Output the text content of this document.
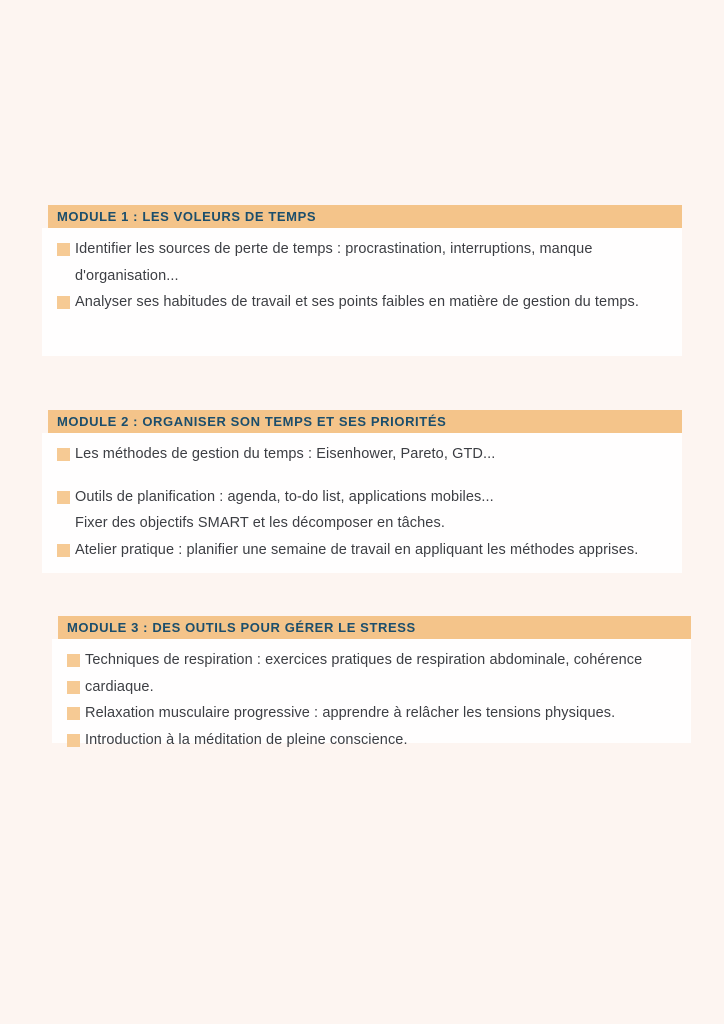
MODULE 1 : LES VOLEURS DE TEMPS
Identifier les sources de perte de temps : procrastination, interruptions, manque d'organisation...
Analyser ses habitudes de travail et ses points faibles en matière de gestion du temps.
MODULE 2 : ORGANISER SON TEMPS ET SES PRIORITÉS
Les méthodes de gestion du temps : Eisenhower, Pareto, GTD...
Outils de planification : agenda, to-do list, applications mobiles...
Fixer des objectifs SMART et les décomposer en tâches.
Atelier pratique : planifier une semaine de travail en appliquant les méthodes apprises.
MODULE 3 : DES OUTILS POUR GÉRER LE STRESS
Techniques de respiration : exercices pratiques de respiration abdominale, cohérence
cardiaque.
Relaxation musculaire progressive : apprendre à relâcher les tensions physiques.
Introduction à la méditation de pleine conscience.
